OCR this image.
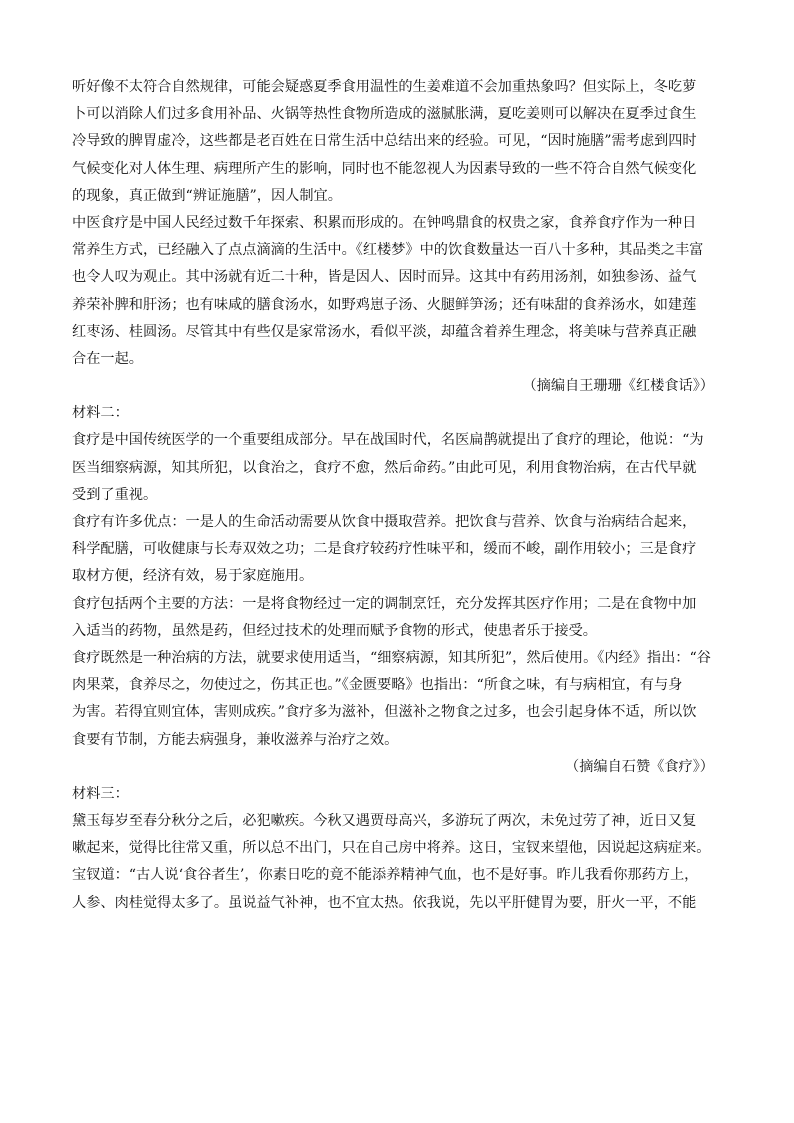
听好像不太符合自然规律，可能会疑惑夏季食用温性的生姜难道不会加重热象吗？但实际上，冬吃萝
卜可以消除人们过多食用补品、火锅等热性食物所造成的滋腻胀满，夏吃姜则可以解决在夏季过食生
冷导致的脾胃虚冷，这些都是老百姓在日常生活中总结出来的经验。可见，“因时施膳”需考虑到四时
气候变化对人体生理、病理所产生的影响，同时也不能忽视人为因素导致的一些不符合自然气候变化
的现象，真正做到“辨证施膳”，因人制宜。
中医食疗是中国人民经过数千年探索、积累而形成的。在钟鸣鼎食的权贵之家，食养食疗作为一种日
常养生方式，已经融入了点点滴滴的生活中。《红楼梦》中的饮食数量达一百八十多种，其品类之丰富
也令人叹为观止。其中汤就有近二十种，皆是因人、因时而异。这其中有药用汤剂，如独参汤、益气
养荣补脾和肝汤；也有味咸的膳食汤水，如野鸡崽子汤、火腿鲜笋汤；还有味甜的食养汤水，如建莲
红枣汤、桂圆汤。尽管其中有些仅是家常汤水，看似平淡，却蕴含着养生理念，将美味与营养真正融
合在一起。
（摘编自王珊珊《红楼食话》）
材料二：
食疗是中国传统医学的一个重要组成部分。早在战国时代，名医扁鹊就提出了食疗的理论，他说：“为
医当细察病源，知其所犯，以食治之，食疗不愈，然后命药。”由此可见，利用食物治病，在古代早就
受到了重视。
食疗有许多优点：一是人的生命活动需要从饮食中摄取营养。把饮食与营养、饮食与治病结合起来，
科学配膳，可收健康与长寿双效之功；二是食疗较药疗性味平和，缓而不峻，副作用较小；三是食疗
取材方便，经济有效，易于家庭施用。
食疗包括两个主要的方法：一是将食物经过一定的调制烹饪，充分发挥其医疗作用；二是在食物中加
入适当的药物，虽然是药，但经过技术的处理而赋予食物的形式，使患者乐于接受。
食疗既然是一种治病的方法，就要求使用适当，“细察病源，知其所犯”，然后使用。《内经》指出：“谷
肉果菜，食养尽之，勿使过之，伤其正也。”《金匮要略》也指出：“所食之味，有与病相宜，有与身
为害。若得宜则宜体，害则成疾。”食疗多为滋补，但滋补之物食之过多，也会引起身体不适，所以饮
食要有节制，方能去病强身，兼收滋养与治疗之效。
（摘编自石赞《食疗》）
材料三：
黛玉每岁至春分秋分之后，必犯嗽疾。今秋又遇贾母高兴，多游玩了两次，未免过劳了神，近日又复
嗽起来，觉得比往常又重，所以总不出门，只在自己房中将养。这日，宝钗来望他，因说起这病症来。
宝钗道：“古人说‘食谷者生’，你素日吃的竟不能添养精神气血，也不是好事。昨儿我看你那药方上，
人参、肉桂觉得太多了。虽说益气补神，也不宜太热。依我说，先以平肝健胃为要，肝火一平，不能
